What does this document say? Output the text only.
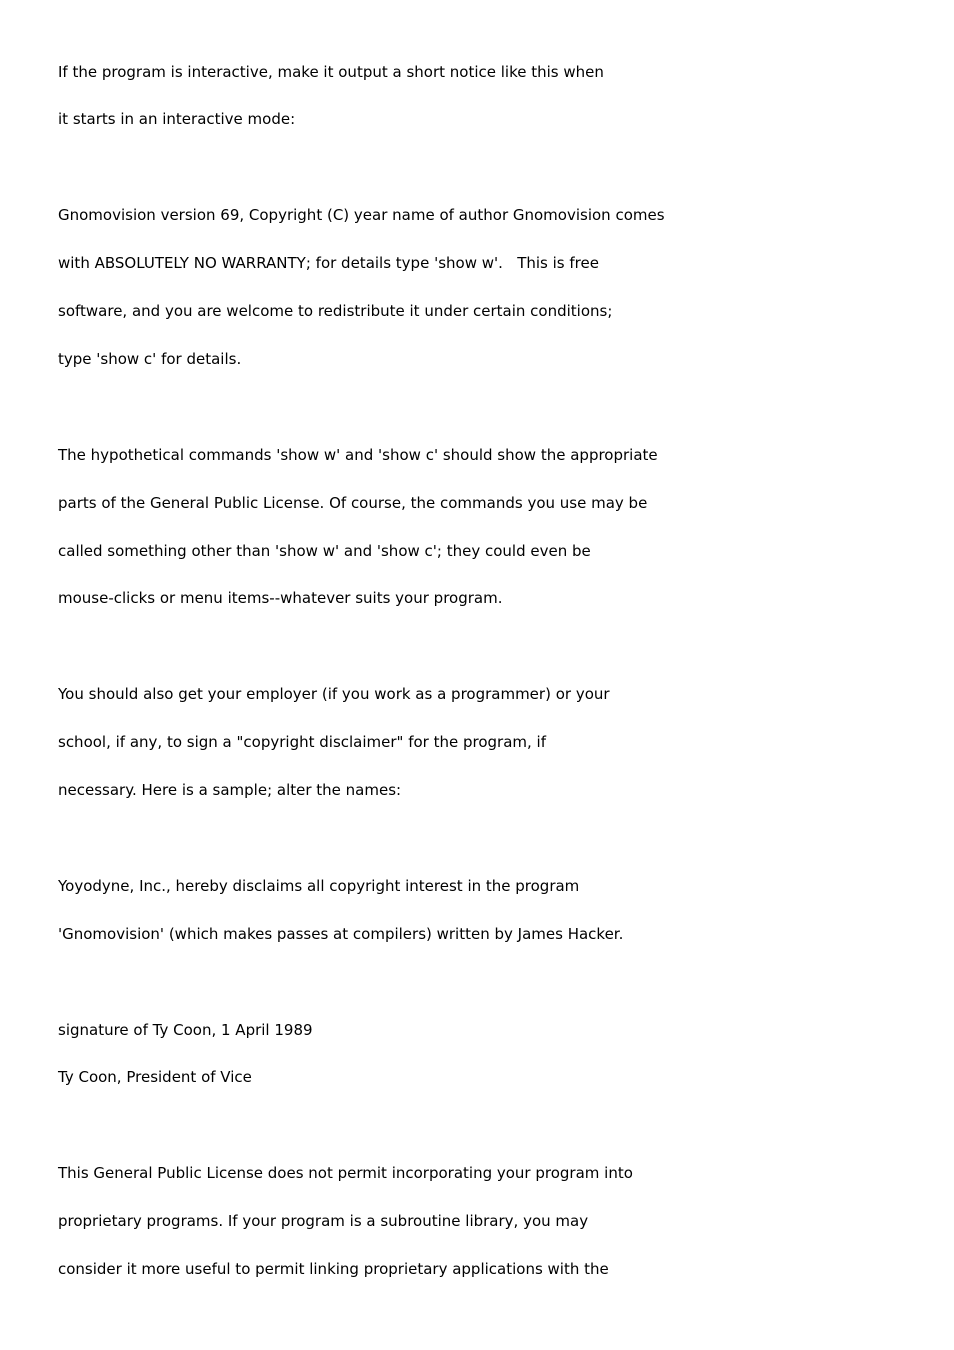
If the program is interactive, make it output a short notice like this when
it starts in an interactive mode:
Gnomovision version 69, Copyright (C) year name of author Gnomovision comes
with ABSOLUTELY NO WARRANTY; for details type 'show w'.   This is free
software, and you are welcome to redistribute it under certain conditions;
type 'show c' for details.
The hypothetical commands 'show w' and 'show c' should show the appropriate
parts of the General Public License. Of course, the commands you use may be
called something other than 'show w' and 'show c'; they could even be
mouse-clicks or menu items--whatever suits your program.
You should also get your employer (if you work as a programmer) or your
school, if any, to sign a "copyright disclaimer" for the program, if
necessary. Here is a sample; alter the names:
Yoyodyne, Inc., hereby disclaims all copyright interest in the program
'Gnomovision' (which makes passes at compilers) written by James Hacker.
signature of Ty Coon, 1 April 1989
Ty Coon, President of Vice
This General Public License does not permit incorporating your program into
proprietary programs. If your program is a subroutine library, you may
consider it more useful to permit linking proprietary applications with the
